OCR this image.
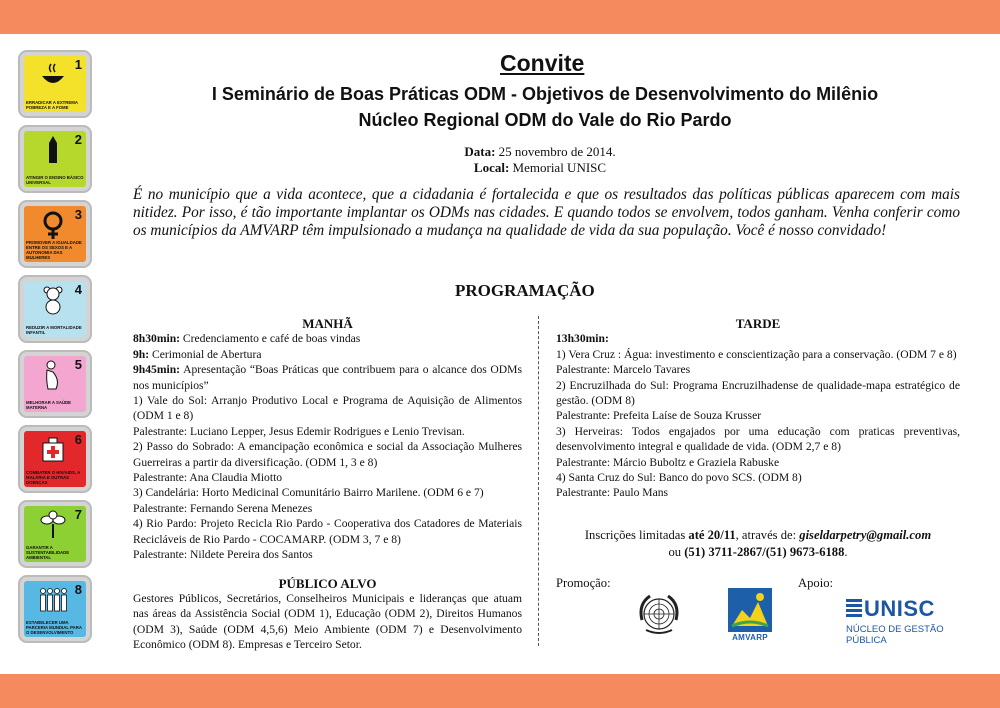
1
ERRADICAR A EXTREMA POBREZA E A FOME
2
ATINGIR O ENSINO BÁSICO UNIVERSAL
3
PROMOVER A IGUALDADE ENTRE OS SEXOS E A AUTONOMIA DAS MULHERES
4
REDUZIR A MORTALIDADE INFANTIL
5
MELHORAR A SAÚDE MATERNA
6
COMBATER O HIV/AIDS, A MALÁRIA E OUTRAS DOENÇAS
7
GARANTIR A SUSTENTABILIDADE AMBIENTAL
8
ESTABELECER UMA PARCERIA MUNDIAL PARA O DESENVOLVIMENTO
Convite
I Seminário de Boas Práticas ODM - Objetivos de Desenvolvimento do Milênio
Núcleo Regional ODM do Vale do Rio Pardo
Data: 25 novembro de 2014.
Local: Memorial UNISC
É no município que a vida acontece, que a cidadania é fortalecida e que os resultados das políticas públicas aparecem com mais nitidez. Por isso, é tão importante implantar os ODMs nas cidades. E quando todos se envolvem, todos ganham. Venha conferir como os municípios da AMVARP têm impulsionado a mudança na qualidade de vida da sua população. Você é nosso convidado!
PROGRAMAÇÃO
MANHÃ

8h30min: Credenciamento e café de boas vindas

9h: Cerimonial de Abertura

9h45min: Apresentação “Boas Práticas que contribuem para o alcance dos ODMs nos municípios”

1) Vale do Sol: Arranjo Produtivo Local e Programa de Aquisição de Alimentos (ODM 1 e 8)

Palestrante: Luciano Lepper, Jesus Edemir Rodrigues e Lenio Trevisan.

2) Passo do Sobrado: A emancipação econômica e social da Associação Mulheres Guerreiras a partir da diversificação. (ODM 1, 3 e 8)

Palestrante: Ana Claudia Miotto

3) Candelária: Horto Medicinal Comunitário Bairro Marilene. (ODM 6 e 7)

Palestrante: Fernando Serena Menezes

4) Rio Pardo: Projeto Recicla Rio Pardo - Cooperativa dos Catadores de Materiais Recicláveis de Rio Pardo - COCAMARP. (ODM 3, 7 e 8)

Palestrante: Nildete Pereira dos Santos

TARDE

13h30min:

1) Vera Cruz : Água: investimento e conscientização para a conservação. (ODM 7 e 8)

Palestrante: Marcelo Tavares

2) Encruzilhada do Sul: Programa Encruzilhadense de qualidade-mapa estratégico de gestão. (ODM 8)

Palestrante: Prefeita Laíse de Souza Krusser

3) Herveiras: Todos engajados por uma educação com praticas preventivas, desenvolvimento integral e qualidade de vida. (ODM 2,7 e 8)

Palestrante: Márcio Buboltz e Graziela Rabuske

4) Santa Cruz do Sul: Banco do povo SCS. (ODM 8)

Palestrante: Paulo Mans

Inscrições limitadas até 20/11, através de: giseldarpetry@gmail.com
ou (51) 3711-2867/(51) 9673-6188.
PÚBLICO ALVO
Gestores Públicos, Secretários, Conselheiros Municipais e lideranças que atuam nas áreas da Assistência Social (ODM 1), Educação (ODM 2), Direitos Humanos (ODM 3), Saúde (ODM 4,5,6) Meio Ambiente (ODM 7) e Desenvolvimento Econômico (ODM 8). Empresas e Terceiro Setor.
Promoção:	Apoio:
AMVARP
UNISC
NÚCLEO DE GESTÃO PÚBLICA
